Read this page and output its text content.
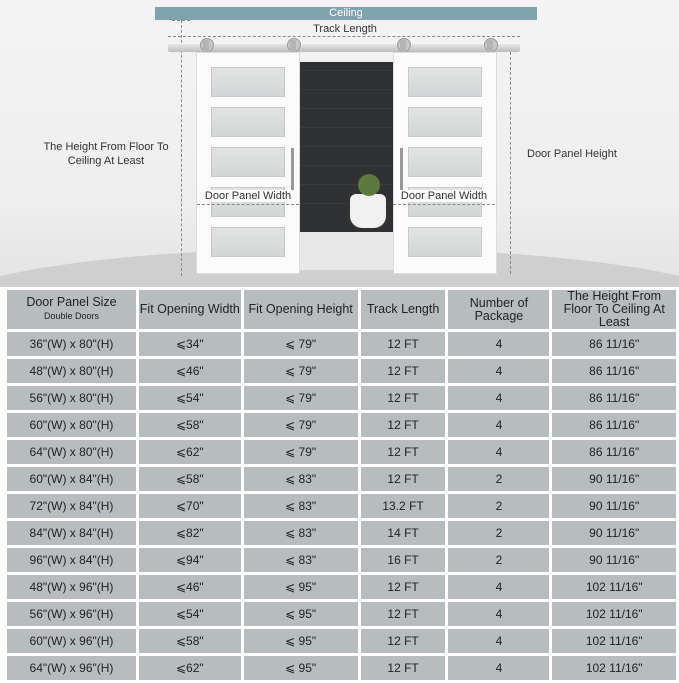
Ceiling
Track Length
Door Panel Width	Door Panel Width
The Height From Floor To Ceiling At Least
Door Panel Height
Door Panel Size
Double Doors	Fit Opening Width	Fit Opening Height	Track Length	Number of Package	The Height From Floor To Ceiling At Least
36"(W) x 80"(H)	⩽34"	⩽ 79"	12 FT	4	86 11/16"
48"(W) x 80"(H)	⩽46"	⩽ 79"	12 FT	4	86 11/16"
56"(W) x 80"(H)	⩽54"	⩽ 79"	12 FT	4	86 11/16"
60"(W) x 80"(H)	⩽58"	⩽ 79"	12 FT	4	86 11/16"
64"(W) x 80"(H)	⩽62"	⩽ 79"	12 FT	4	86 11/16"
60"(W) x 84"(H)	⩽58"	⩽ 83"	12 FT	2	90 11/16"
72"(W) x 84"(H)	⩽70"	⩽ 83"	13.2 FT	2	90 11/16"
84"(W) x 84"(H)	⩽82"	⩽ 83"	14 FT	2	90 11/16"
96"(W) x 84"(H)	⩽94"	⩽ 83"	16 FT	2	90 11/16"
48"(W) x 96"(H)	⩽46"	⩽ 95"	12 FT	4	102 11/16"
56"(W) x 96"(H)	⩽54"	⩽ 95"	12 FT	4	102 11/16"
60"(W) x 96"(H)	⩽58"	⩽ 95"	12 FT	4	102 11/16"
64"(W) x 96"(H)	⩽62"	⩽ 95"	12 FT	4	102 11/16"
